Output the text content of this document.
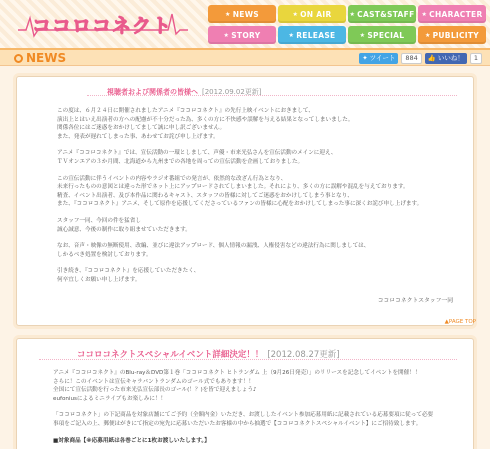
ココロコネクト
★ NEWS	★ ON AIR	★ CAST&STAFF ★ CHARACTER
★ STORY	★ RELEASE	★ SPECIAL	★ PUBLICITY
NEWS	✦ ツイート	884	👍 いいね！	1
視聴者および関係者の皆様へ [2012.09.02更新]

この度は、６月２４日に開催されましたアニメ『ココロコネクト』の先行上映イベントにおきまして、

演出上とはいえ出演者の方への配慮が不十分だった為、多くの方に不快感や誤解を与える結果となってしまいました。

関係各位にはご迷惑をおかけしてまして誠に申し訳ございません。

また、発表が遅れてしまった事、あわせてお詫び申し上げます。

アニメ『ココロコネクト』では、宣伝活動の一環としまして、声優・市来光弘さんを宣伝活動のメインに迎え、

ＴＶオンエアの３か月間、北海道から九州までの各地を周っての宣伝活動を企画しておりました。

この宣伝活動に伴うイベントの内容やラジオ番組での発言が、依然的な改ざん行為となり、

未来行ったものの意図とは違った形でネット上にアップロードされてしまいました。それにより、多くの方に誤解や混乱を与えております。

精査、イベント出演者、及び本作品に関わるキャスト、スタッフの皆様に対してご迷惑をおかけしてしまう事となり、

また、『ココロコネクト』アニメ、そして原作を応援してくださっているファンの皆様に心配をおかけしてしまった事に深くお詫び申し上げます。

スタッフ一同、今回の件を猛省し

誠心誠意、今後の制作に取り組ませていただきます。

なお、音声・映像の無断使用、改編、並びに違法アップロード、個人情報の漏洩、人権侵害などの違法行為に関しましては、

しかるべき処置を検討しております。

引き続き、『ココロコネクト』を応援していただきたく、

何卒宜しくお願い申し上げます。

ココロコネクトスタッフ一同
▲PAGE TOP
ココロコネクトスペシャルイベント詳細決定！！ [2012.08.27更新]

アニメ『ココロコネクト』のBlu-ray＆DVD第１巻「ココロコネクト ヒトランダム 上（9月26日発売）」のリリースを記念してイベントを開催！！

さらに！このイベントは宣伝キャラバントランダムのゴール式でもあります！！

全国にて宣伝活動を行った市来光弘宣伝部長のゴール(！？)を皆で迎えましょう♪

eufoniusによるミニライブもお楽しみに！！

「ココロコネクト」の下記商品を対象店舗にてご予約（全額内金）いただき、お渡ししたイベント参加応募用紙に記載されている応募要項に従って必要

事項をご記入の上、郵便はがきにて指定の宛先に応募いただいたお客様の中から抽選で【ココロコネクトスペシャルイベント】にご招待致します。

■対象商品【※応募用紙は各巻ごとに1枚お渡しいたします。】
